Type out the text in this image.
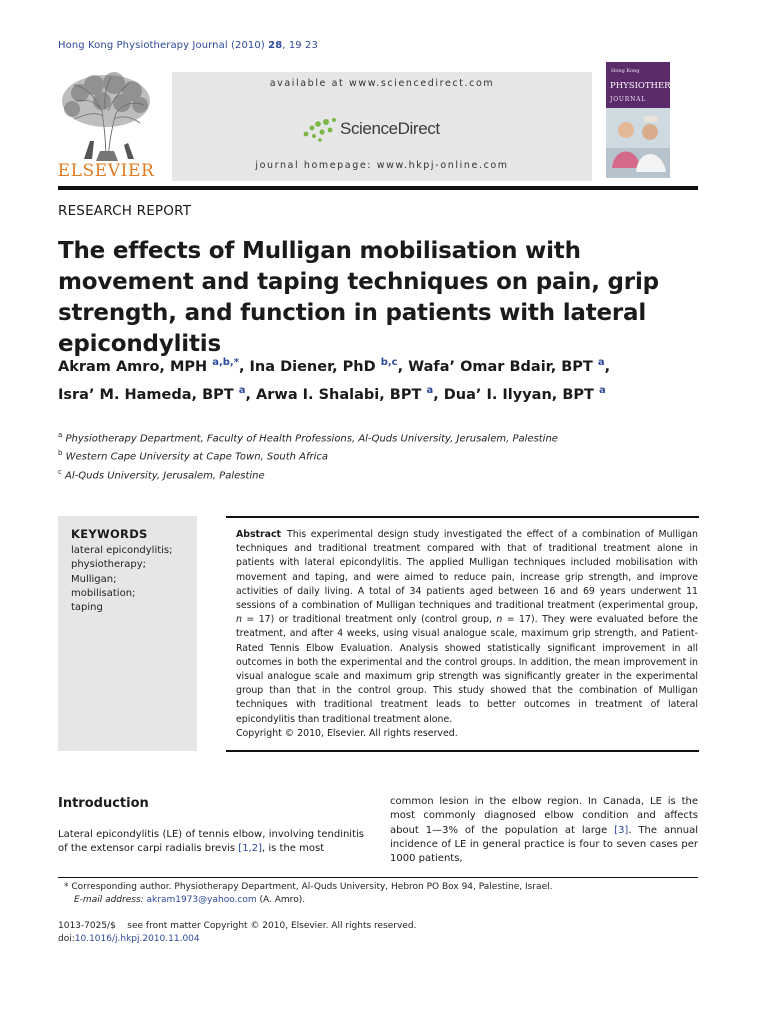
Hong Kong Physiotherapy Journal (2010) 28, 19 23
ELSEVIER
available at www.sciencedirect.com
ScienceDirect
journal homepage: www.hkpj-online.com
Hong Kong
PHYSIOTHERAPY
JOURNAL
RESEARCH REPORT
The effects of Mulligan mobilisation with movement and taping techniques on pain, grip strength, and function in patients with lateral epicondylitis
Akram Amro, MPH $^{a,b,*}$, Ina Diener, PhD $^{b,c}$, Wafa’ Omar Bdair, BPT $^a$,
Isra’ M. Hameda, BPT $^a$, Arwa I. Shalabi, BPT $^a$, Dua’ I. Ilyyan, BPT $^a$
$^a$ Physiotherapy Department, Faculty of Health Professions, Al-Quds University, Jerusalem, Palestine
$^b$ Western Cape University at Cape Town, South Africa
$^c$ Al-Quds University, Jerusalem, Palestine
KEYWORDS
lateral epicondylitis;
physiotherapy;
Mulligan;
mobilisation;
taping
Abstract This experimental design study investigated the effect of a combination of Mulligan techniques and traditional treatment compared with that of traditional treatment alone in patients with lateral epicondylitis. The applied Mulligan techniques included mobilisation with movement and taping, and were aimed to reduce pain, increase grip strength, and improve activities of daily living. A total of 34 patients aged between 16 and 69 years underwent 11 sessions of a combination of Mulligan techniques and traditional treatment (experimental group, n = 17) or traditional treatment only (control group, n = 17). They were evaluated before the treatment, and after 4 weeks, using visual analogue scale, maximum grip strength, and Patient-Rated Tennis Elbow Evaluation. Analysis showed statistically significant improvement in all outcomes in both the experimental and the control groups. In addition, the mean improvement in visual analogue scale and maximum grip strength was significantly greater in the experimental group than that in the control group. This study showed that the combination of Mulligan techniques with traditional treatment leads to better outcomes in treatment of lateral epicondylitis than traditional treatment alone.
Copyright © 2010, Elsevier. All rights reserved.
Introduction
Lateral epicondylitis (LE) of tennis elbow, involving tendinitis of the extensor carpi radialis brevis [1,2], is the most
common lesion in the elbow region. In Canada, LE is the most commonly diagnosed elbow condition and affects about 1—3% of the population at large [3]. The annual incidence of LE in general practice is four to seven cases per 1000 patients,
* Corresponding author. Physiotherapy Department, Al-Quds University, Hebron PO Box 94, Palestine, Israel.
E-mail address: akram1973@yahoo.com (A. Amro).
1013-7025/$ see front matter Copyright © 2010, Elsevier. All rights reserved.
doi:10.1016/j.hkpj.2010.11.004
